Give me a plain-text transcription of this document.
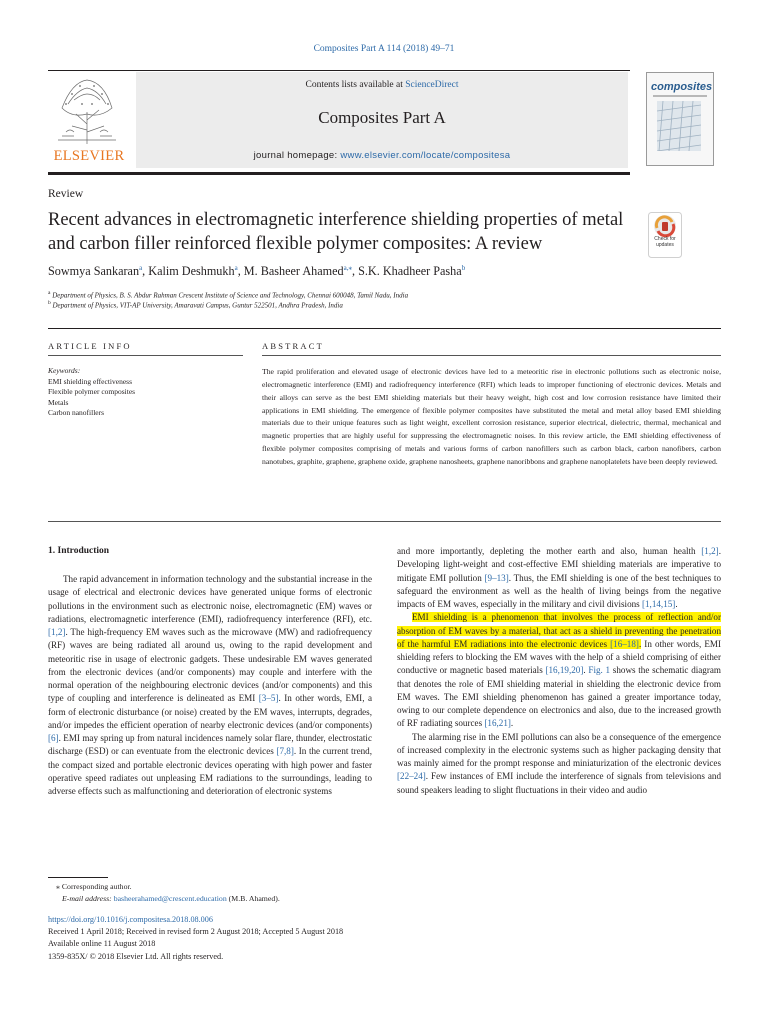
Composites Part A 114 (2018) 49–71
ELSEVIER
Contents lists available at ScienceDirect
Composites Part A
journal homepage: www.elsevier.com/locate/compositesa
composites
Review
Recent advances in electromagnetic interference shielding properties of metal and carbon filler reinforced flexible polymer composites: A review	Check for updates
Sowmya Sankaran$^a$, Kalim Deshmukh$^a$, M. Basheer Ahamed$^{a,⁎}$, S.K. Khadheer Pasha$^b$
$^a$ Department of Physics, B. S. Abdur Rahman Crescent Institute of Science and Technology, Chennai 600048, Tamil Nadu, India
$^b$ Department of Physics, VIT-AP University, Amaravati Campus, Guntur 522501, Andhra Pradesh, India
ARTICLE INFO	ABSTRACT
Keywords:
EMI shielding effectiveness
Flexible polymer composites
Metals
Carbon nanofillers
The rapid proliferation and elevated usage of electronic devices have led to a meteoritic rise in electronic pollutions such as electronic noise, electromagnetic interference (EMI) and radiofrequency interference (RFI) which leads to improper functioning of electronic devices. Metals and their alloys can serve as the best EMI shielding materials but their heavy weight, high cost and low corrosion resistance have limited their applications in EMI shielding. The emergence of flexible polymer composites have substituted the metal and metal alloy based EMI shielding materials due to their unique features such as light weight, excellent corrosion resistance, superior electrical, dielectric, thermal, mechanical and magnetic properties that are highly useful for suppressing the electromagnetic noises. In this review article, the EMI shielding effectiveness of flexible polymer composites comprising of metals and various forms of carbon nanofillers such as carbon black, carbon nanofibers, carbon nanotubes, graphite, graphene, graphene oxide, graphene nanosheets, graphene nanoribbons and graphene nanoplatelets have been deeply reviewed.
1. Introduction

The rapid advancement in information technology and the substantial increase in the usage of electrical and electronic devices have generated unique forms of electronic pollutions in the environment such as electronic noise, electromagnetic (EM) waves or radiations, electromagnetic interference (EMI), radiofrequency interference (RFI), etc. [1,2]. The high-frequency EM waves such as the microwave (MW) and radiofrequency (RF) waves are being radiated all around us, owing to the rapid development and meteoritic rise in usage of electronic gadgets. These undesirable EM waves generated from the electronic devices (and/or components) may couple and interfere with the normal operation of the neighbouring electronic devices (and/or components) and this type of coupling and interference is delineated as EMI [3–5]. In other words, EMI, a form of electronic disturbance (or noise) created by the EM waves, interrupts, degrades, and/or impedes the efficient operation of nearby electronic devices (and/or components) [6]. EMI may spring up from natural incidences namely solar flare, thunder, electrostatic discharge (ESD) or can eventuate from the electronic devices [7,8]. In the current trend, the compact sized and portable electronic devices operating with high power and faster operative speed radiates out unpleasing EM radiations to the surroundings, leading to adverse effects such as malfunctioning and deterioration of electronic systems

and more importantly, depleting the mother earth and also, human health [1,2]. Developing light-weight and cost-effective EMI shielding materials are imperative to mitigate EMI pollution [9–13]. Thus, the EMI shielding is one of the best techniques to safeguard the environment as well as the health of living beings from the negative impacts of EM waves, especially in the military and civil divisions [1,14,15].

EMI shielding is a phenomenon that involves the process of reflection and/or absorption of EM waves by a material, that act as a shield in preventing the penetration of the harmful EM radiations into the electronic devices [16–18]. In other words, EMI shielding refers to blocking the EM waves with the help of a shield comprising of either conductive or magnetic based materials [16,19,20]. Fig. 1 shows the schematic diagram that denotes the role of EMI shielding material in shielding the electronic device from EM waves. The EMI shielding phenomenon has gained a greater importance today, owing to our complete dependence on electronics and also, due to the increased growth of RF radiating sources [16,21].

The alarming rise in the EMI pollutions can also be a consequence of the emergence of increased complexity in the electronic systems such as higher packaging density that was mainly aimed for the prompt response and miniaturization of the electronic devices [22–24]. Few instances of EMI include the interference of signals from televisions and sound speakers leading to slight fluctuations in their video and audio

⁎ Corresponding author.
E-mail address: basheerahamed@crescent.education (M.B. Ahamed).
https://doi.org/10.1016/j.compositesa.2018.08.006
Received 1 April 2018; Received in revised form 2 August 2018; Accepted 5 August 2018
Available online 11 August 2018
1359-835X/ © 2018 Elsevier Ltd. All rights reserved.
